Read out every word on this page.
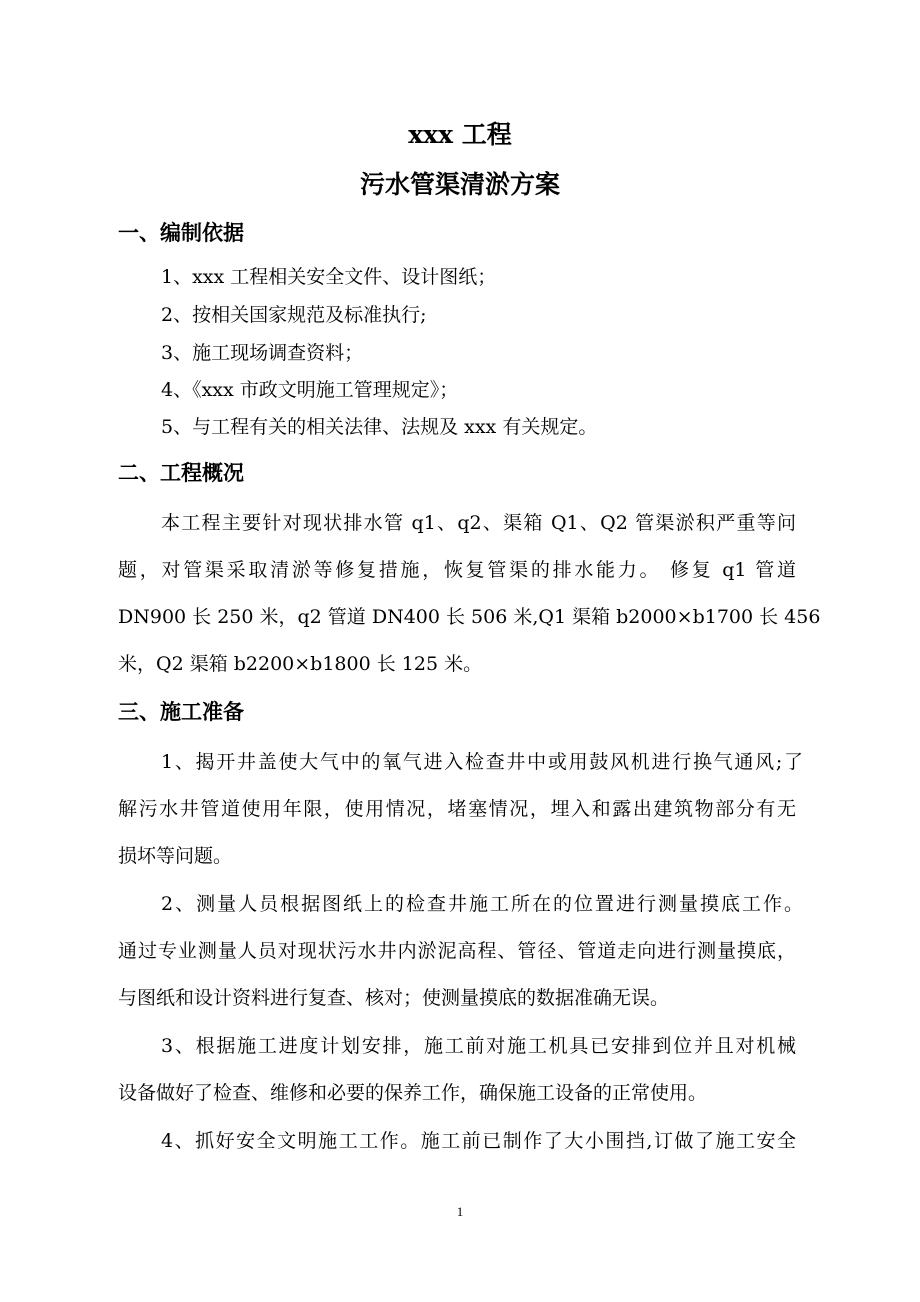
xxx 工程
污水管渠清淤方案
一、编制依据
1、xxx 工程相关安全文件、设计图纸；
2、按相关国家规范及标准执行;
3、施工现场调查资料；
4、《xxx 市政文明施工管理规定》；
5、与工程有关的相关法律、法规及 xxx 有关规定。
二、工程概况
本工程主要针对现状排水管 q1、q2、渠箱 Q1、Q2 管渠淤积严重等问
题，对管渠采取清淤等修复措施，恢复管渠的排水能力。 修复 q1 管道
DN900 长 250 米，q2 管道 DN400 长 506 米,Q1 渠箱 b2000×b1700 长 456
米，Q2 渠箱 b2200×b1800 长 125 米。
三、施工准备
1、揭开井盖使大气中的氧气进入检查井中或用鼓风机进行换气通风;了
解污水井管道使用年限，使用情况，堵塞情况，埋入和露出建筑物部分有无
损坏等问题。
2、测量人员根据图纸上的检查井施工所在的位置进行测量摸底工作。
通过专业测量人员对现状污水井内淤泥高程、管径、管道走向进行测量摸底，
与图纸和设计资料进行复查、核对；使测量摸底的数据准确无误。
3、根据施工进度计划安排，施工前对施工机具已安排到位并且对机械
设备做好了检查、维修和必要的保养工作，确保施工设备的正常使用。
4、抓好安全文明施工工作。施工前已制作了大小围挡,订做了施工安全
1
